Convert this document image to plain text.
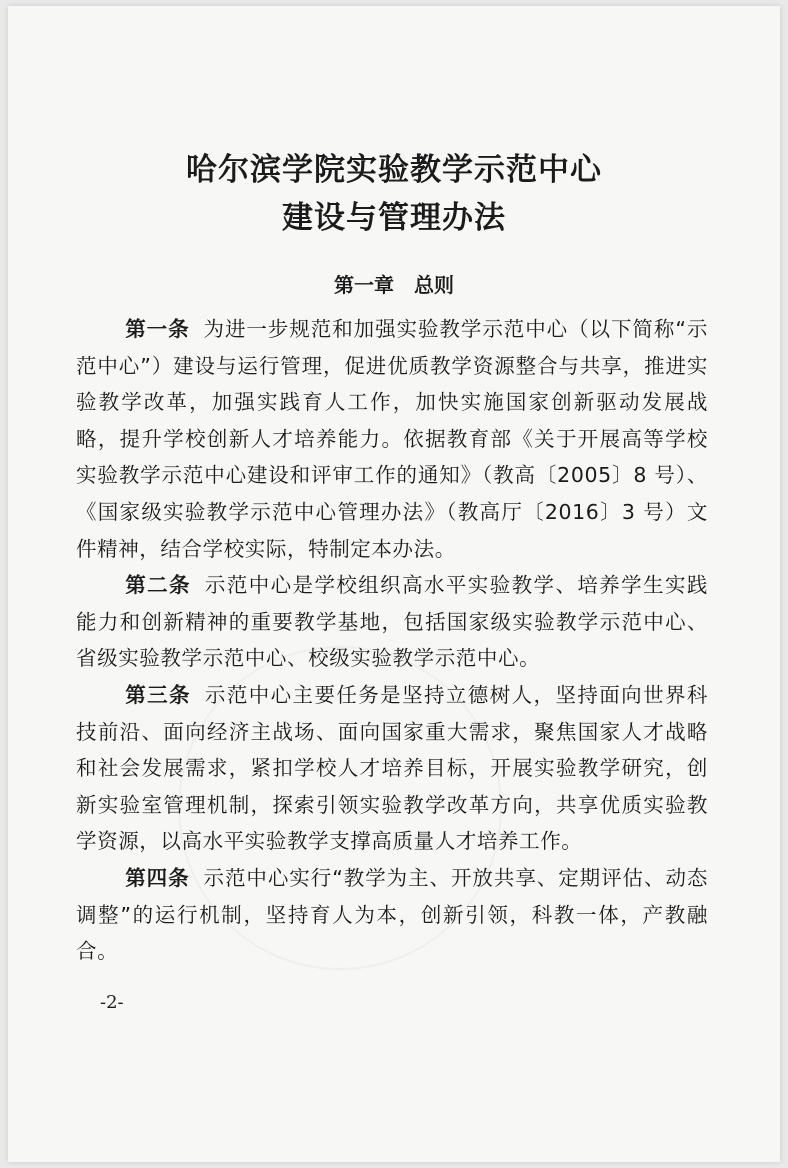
哈尔滨学院实验教学示范中心
建设与管理办法
第一章 总则

第一条 为进一步规范和加强实验教学示范中心（以下简称“示范中心”）建设与运行管理，促进优质教学资源整合与共享，推进实验教学改革，加强实践育人工作，加快实施国家创新驱动发展战略，提升学校创新人才培养能力。依据教育部《关于开展高等学校实验教学示范中心建设和评审工作的通知》（教高〔2005〕8 号）、《国家级实验教学示范中心管理办法》（教高厅〔2016〕3 号）文件精神，结合学校实际，特制定本办法。

第二条 示范中心是学校组织高水平实验教学、培养学生实践能力和创新精神的重要教学基地，包括国家级实验教学示范中心、省级实验教学示范中心、校级实验教学示范中心。

第三条 示范中心主要任务是坚持立德树人，坚持面向世界科技前沿、面向经济主战场、面向国家重大需求，聚焦国家人才战略和社会发展需求，紧扣学校人才培养目标，开展实验教学研究，创新实验室管理机制，探索引领实验教学改革方向，共享优质实验教学资源，以高水平实验教学支撑高质量人才培养工作。

第四条 示范中心实行“教学为主、开放共享、定期评估、动态调整”的运行机制，坚持育人为本，创新引领，科教一体，产教融合。

-2-
